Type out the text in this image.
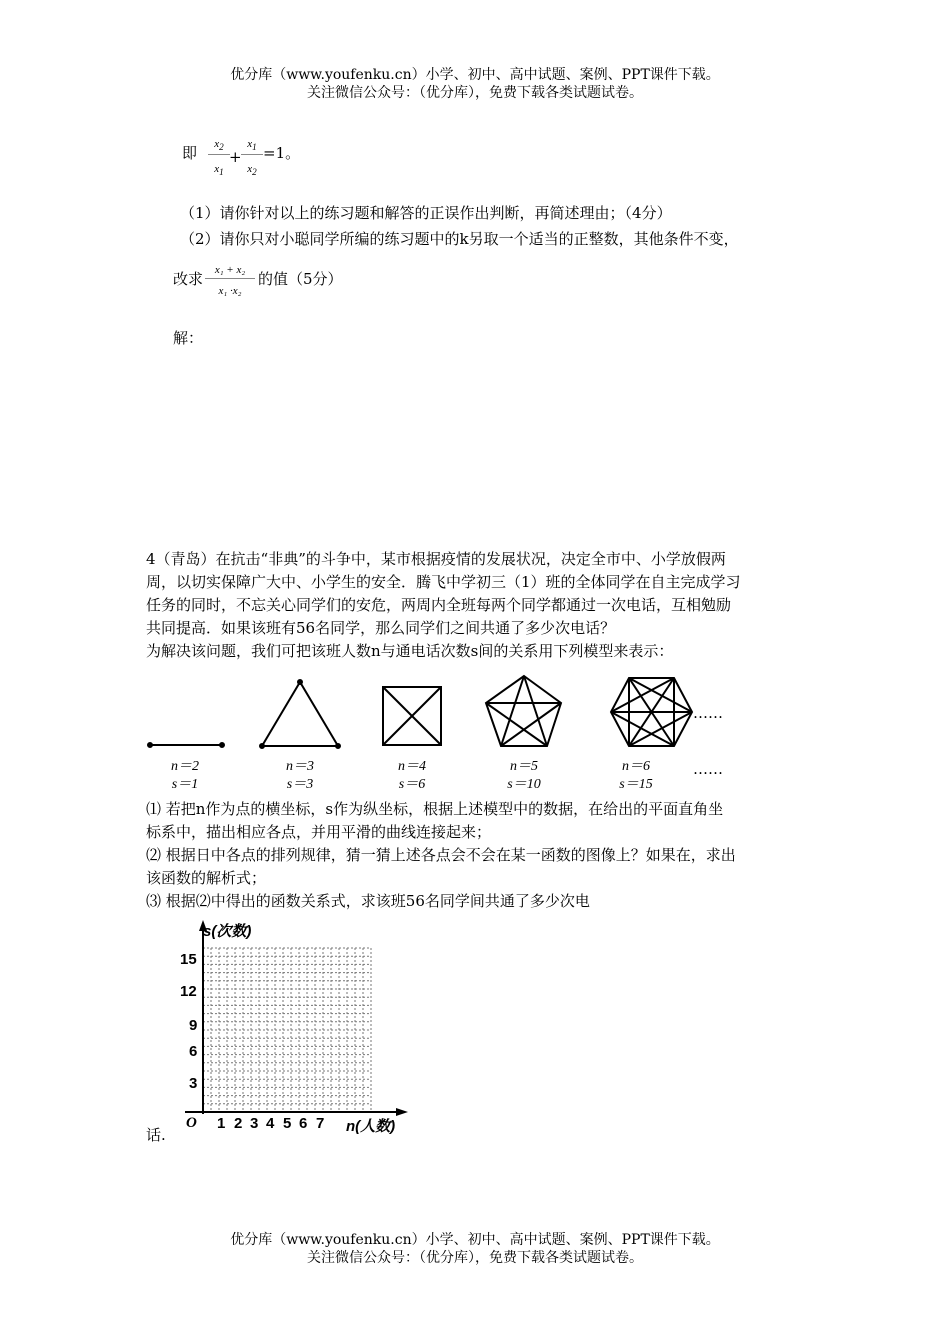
优分库（www.youfenku.cn）小学、初中、高中试题、案例、PPT课件下载。
关注微信公众号：（优分库），免费下载各类试题试卷。
即	$x_2$
$x_1$
+
$x_1$
$x_2$
=1。
（1）请你针对以上的练习题和解答的正误作出判断，再简述理由；（4分）
（2）请你只对小聪同学所编的练习题中的k另取一个适当的正整数，其他条件不变，
改求 $\frac{\text{x₁ + x₂}}{\text{x₁ ·x₂}}$ 的值（5分）
解：
4（青岛）在抗击“非典”的斗争中，某市根据疫情的发展状况，决定全市中、小学放假两
周，以切实保障广大中、小学生的安全．腾飞中学初三（1）班的全体同学在自主完成学习
任务的同时，不忘关心同学们的安危，两周内全班每两个同学都通过一次电话，互相勉励
共同提高．如果该班有56名同学，那么同学们之间共通了多少次电话？
为解决该问题，我们可把该班人数n与通电话次数s间的关系用下列模型来表示：
……
n＝2
s＝1
n＝3
s＝3
n＝4
s＝6
n＝5
s＝10
n＝6
s＝15
……
⑴ 若把n作为点的横坐标，s作为纵坐标，根据上述模型中的数据，在给出的平面直角坐
标系中，描出相应各点，并用平滑的曲线连接起来；
⑵ 根据日中各点的排列规律，猜一猜上述各点会不会在某一函数的图像上？如果在，求出
该函数的解析式；
⑶ 根据⑵中得出的函数关系式，求该班56名同学间共通了多少次电
s(次数)
15
12
9
6
3
O 1 2 3 4 5 6 7 n(人数)
话.
优分库（www.youfenku.cn）小学、初中、高中试题、案例、PPT课件下载。
关注微信公众号：（优分库），免费下载各类试题试卷。
